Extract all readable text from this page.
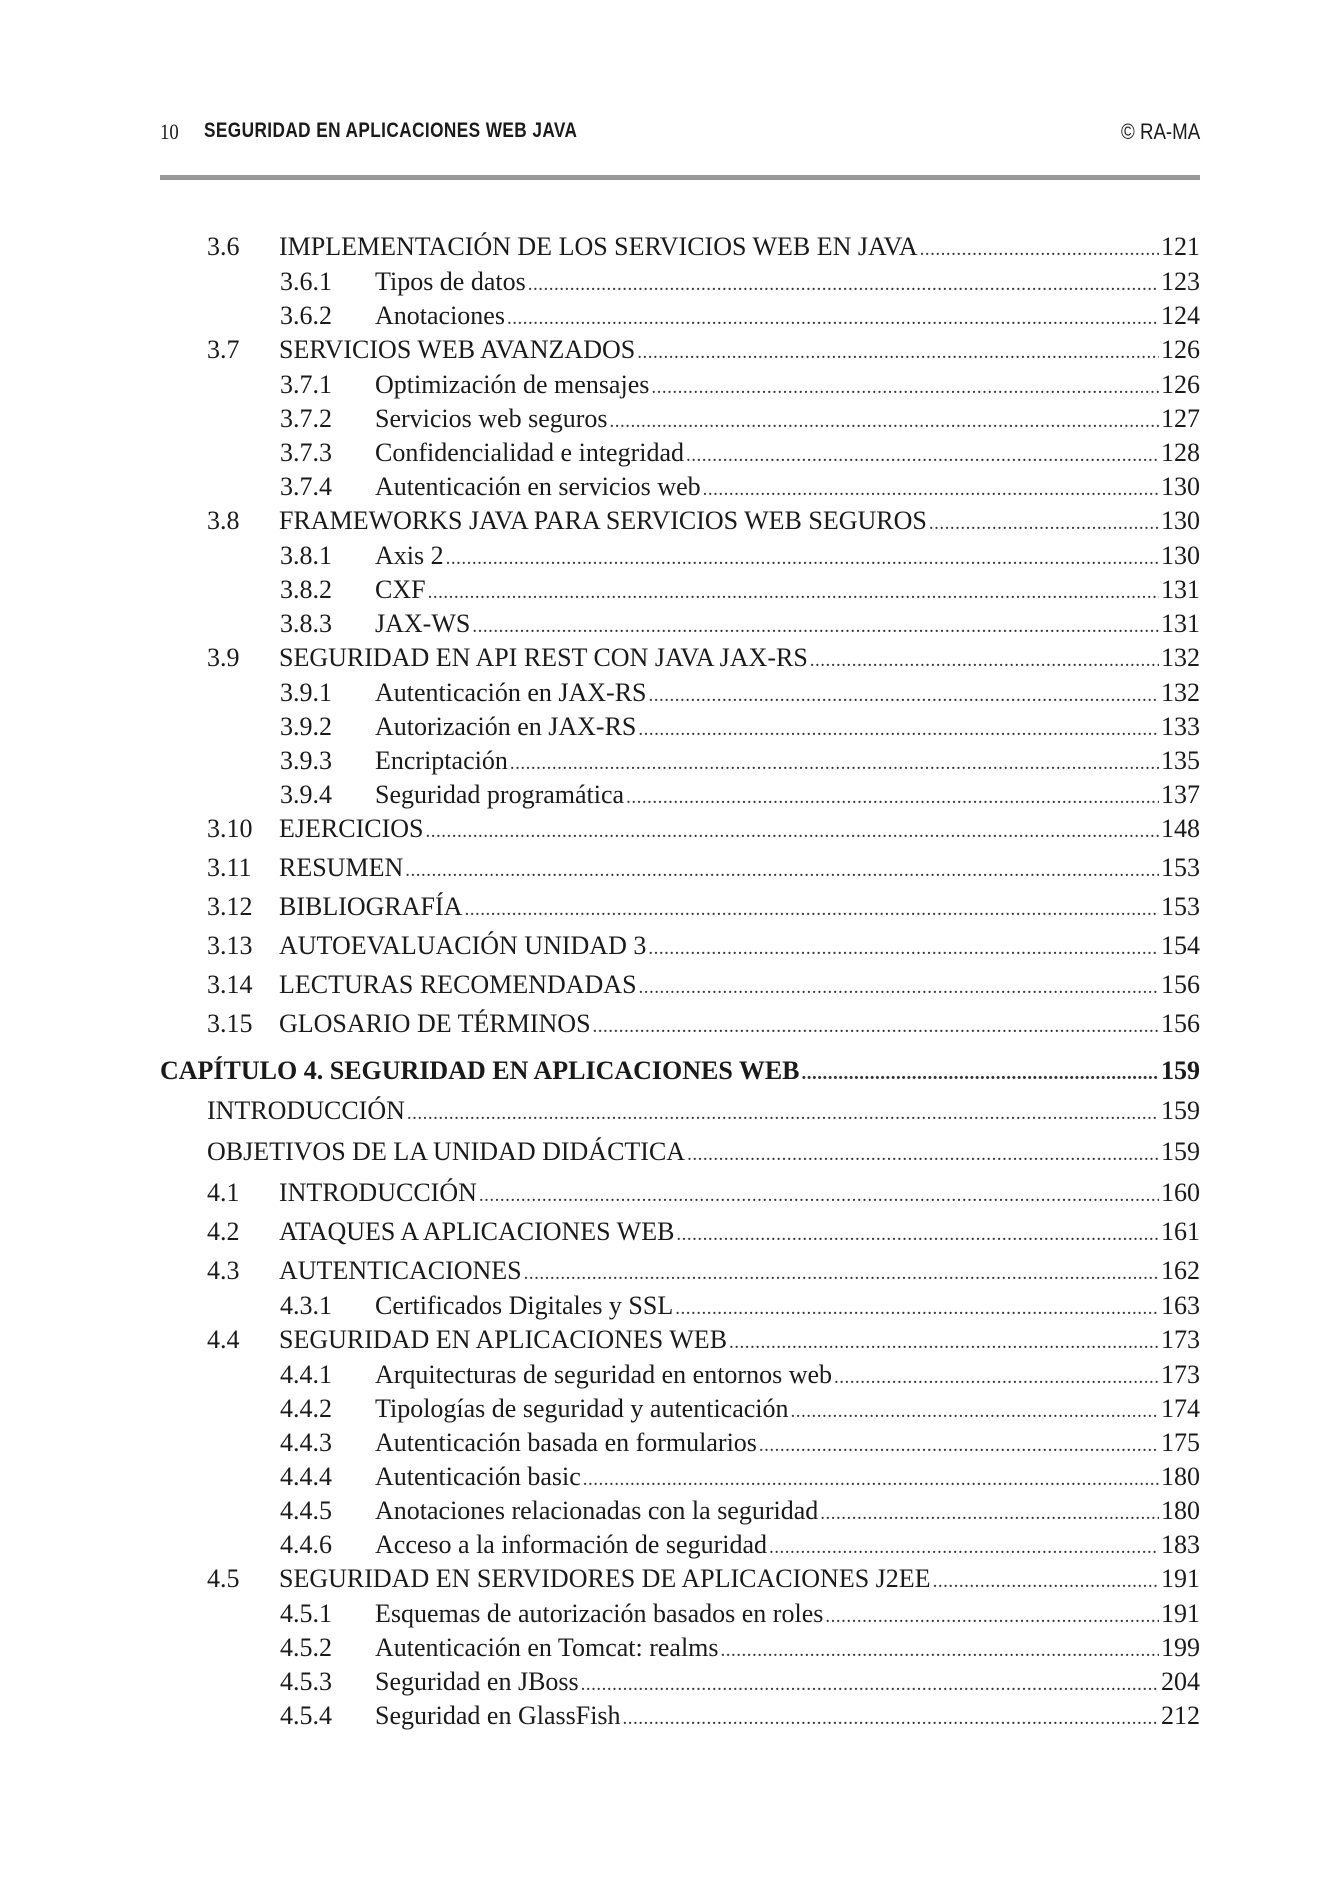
10 SEGURIDAD EN APLICACIONES WEB JAVA	© RA-MA
3.6	IMPLEMENTACIÓN DE LOS SERVICIOS WEB EN JAVA .....	121
3.6.1	Tipos de datos .....	123
3.6.2	Anotaciones .....	124
3.7	SERVICIOS WEB AVANZADOS .....	126
3.7.1	Optimización de mensajes .....	126
3.7.2	Servicios web seguros .....	127
3.7.3	Confidencialidad e integridad .....	128
3.7.4	Autenticación en servicios web .....	130
3.8	FRAMEWORKS JAVA PARA SERVICIOS WEB SEGUROS .....	130
3.8.1	Axis 2 .....	130
3.8.2	CXF .....	131
3.8.3	JAX-WS .....	131
3.9	SEGURIDAD EN API REST CON JAVA JAX-RS .....	132
3.9.1	Autenticación en JAX-RS .....	132
3.9.2	Autorización en JAX-RS .....	133
3.9.3	Encriptación .....	135
3.9.4	Seguridad programática .....	137
3.10	EJERCICIOS .....	148
3.11	RESUMEN .....	153
3.12	BIBLIOGRAFÍA .....	153
3.13	AUTOEVALUACIÓN UNIDAD 3 .....	154
3.14	LECTURAS RECOMENDADAS .....	156
3.15	GLOSARIO DE TÉRMINOS .....	156
CAPÍTULO 4. SEGURIDAD EN APLICACIONES WEB .....	159
INTRODUCCIÓN .....	159
OBJETIVOS DE LA UNIDAD DIDÁCTICA .....	159
4.1	INTRODUCCIÓN .....	160
4.2	ATAQUES A APLICACIONES WEB .....	161
4.3	AUTENTICACIONES .....	162
4.3.1	Certificados Digitales y SSL .....	163
4.4	SEGURIDAD EN APLICACIONES WEB .....	173
4.4.1	Arquitecturas de seguridad en entornos web .....	173
4.4.2	Tipologías de seguridad y autenticación .....	174
4.4.3	Autenticación basada en formularios .....	175
4.4.4	Autenticación basic .....	180
4.4.5	Anotaciones relacionadas con la seguridad .....	180
4.4.6	Acceso a la información de seguridad .....	183
4.5	SEGURIDAD EN SERVIDORES DE APLICACIONES J2EE .....	191
4.5.1	Esquemas de autorización basados en roles .....	191
4.5.2	Autenticación en Tomcat: realms .....	199
4.5.3	Seguridad en JBoss .....	204
4.5.4	Seguridad en GlassFish .....	212
